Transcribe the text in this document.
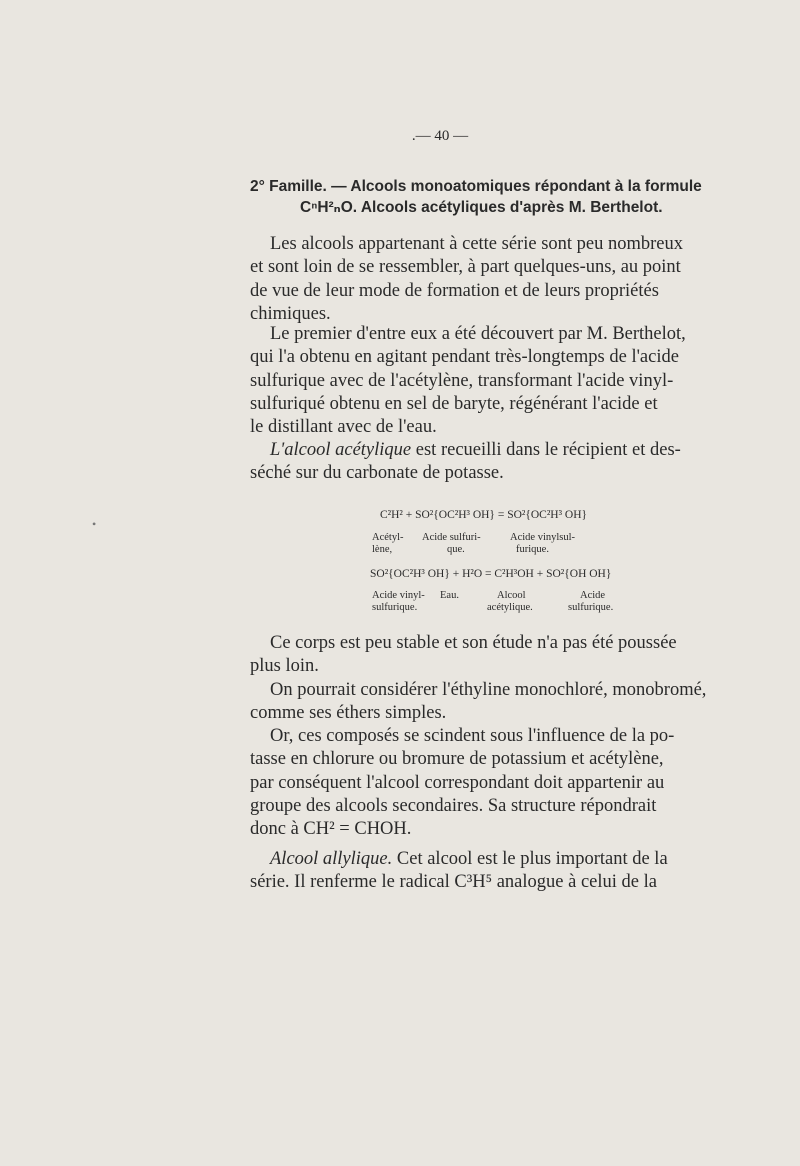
.— 40 —
2° Famille. — Alcools monoatomiques répondant à la formule
CⁿH²ₙO. Alcools acétyliques d'après M. Berthelot.
Les alcools appartenant à cette série sont peu nombreux
et sont loin de se ressembler, à part quelques-uns, au point
de vue de leur mode de formation et de leurs propriétés
chimiques.
Le premier d'entre eux a été découvert par M. Berthelot,
qui l'a obtenu en agitant pendant très-longtemps de l'acide
sulfurique avec de l'acétylène, transformant l'acide vinyl-
sulfuriqué obtenu en sel de baryte, régénérant l'acide et
le distillant avec de l'eau.
L'alcool acétylique est recueilli dans le récipient et des-
séché sur du carbonate de potasse.
C²H² + SO²{OC²H³ OH} = SO²{OC²H³ OH}
Acétyl-
lène,
Acide sulfuri-
que.
Acide vinylsul-
furique.
SO²{OC²H³ OH} + H²O = C²H³OH + SO²{OH OH}
Acide vinyl-
sulfurique.
Eau.	Alcool
acétylique.
Acide
sulfurique.
Ce corps est peu stable et son étude n'a pas été poussée
plus loin.
On pourrait considérer l'éthyline monochloré, monobromé,
comme ses éthers simples.
Or, ces composés se scindent sous l'influence de la po-
tasse en chlorure ou bromure de potassium et acétylène,
par conséquent l'alcool correspondant doit appartenir au
groupe des alcools secondaires. Sa structure répondrait
donc à CH² = CHOH.
Alcool allylique. Cet alcool est le plus important de la
série. Il renferme le radical C³H⁵ analogue à celui de la
•
